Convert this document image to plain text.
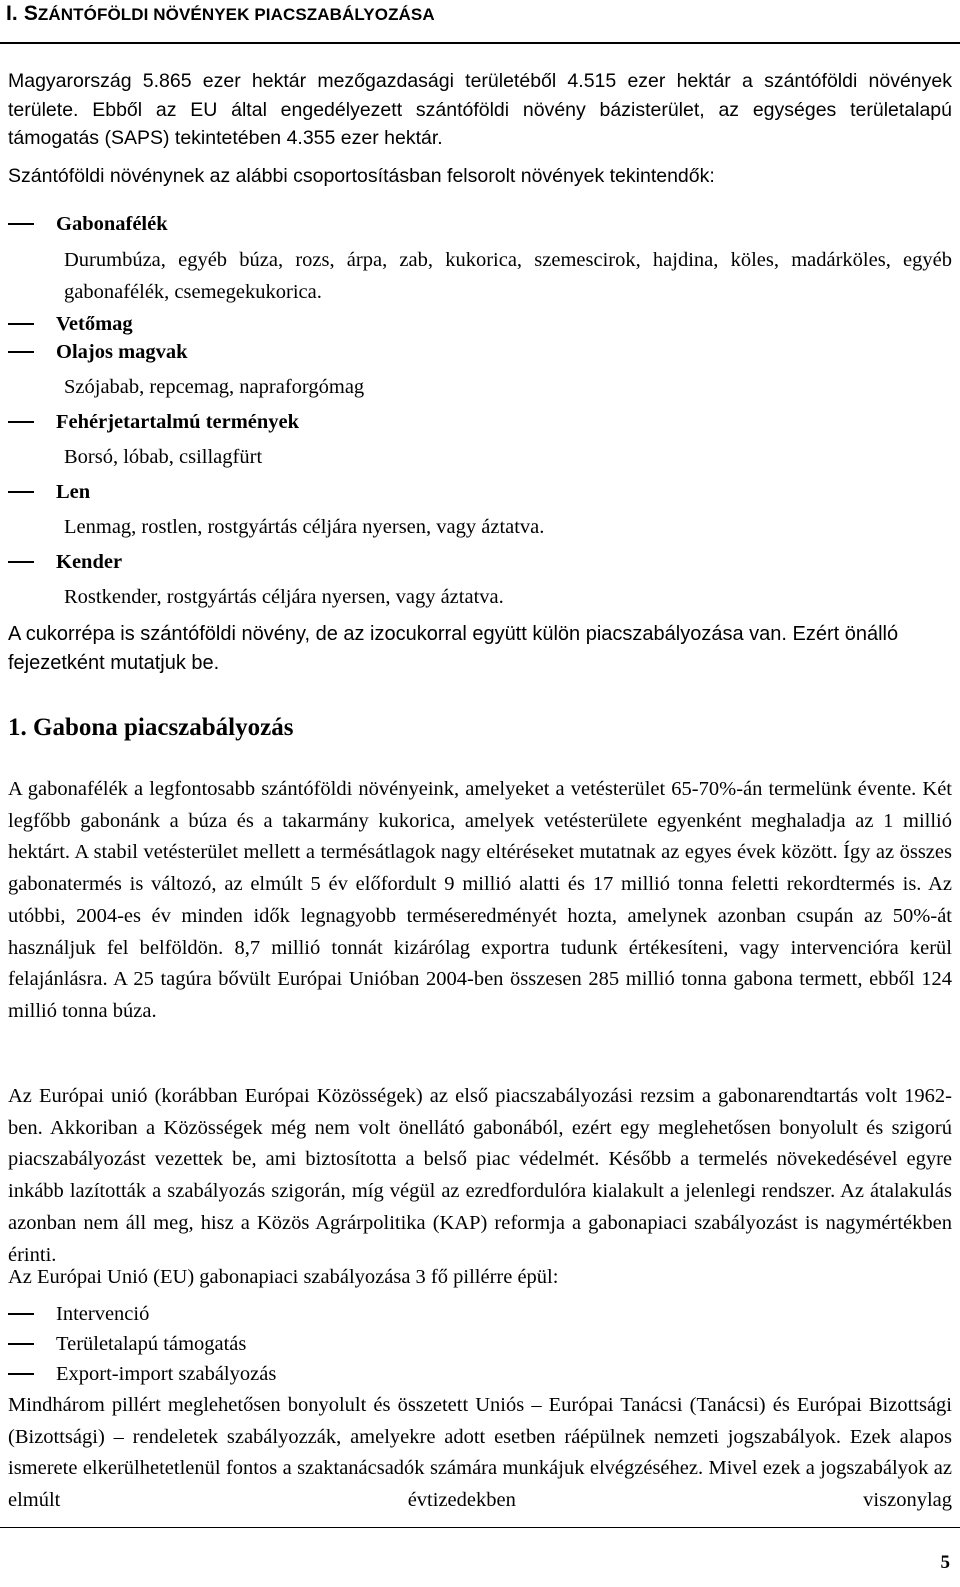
I. SZÁNTÓFÖLDI NÖVÉNYEK PIACSZABÁLYOZÁSA

Magyarország 5.865 ezer hektár mezőgazdasági területéből 4.515 ezer hektár a szántóföldi növények területe. Ebből az EU által engedélyezett szántóföldi növény bázisterület, az egységes területalapú támogatás (SAPS) tekintetében 4.355 ezer hektár.

Szántóföldi növénynek az alábbi csoportosításban felsorolt növények tekintendők:

Gabonafélék
Durumbúza, egyéb búza, rozs, árpa, zab, kukorica, szemescirok, hajdina, köles, madárköles, egyéb gabonafélék, csemegekukorica.
Vetőmag
Olajos magvak
Szójabab, repcemag, napraforgómag
Fehérjetartalmú termények
Borsó, lóbab, csillagfürt
Len
Lenmag, rostlen, rostgyártás céljára nyersen, vagy áztatva.
Kender
Rostkender, rostgyártás céljára nyersen, vagy áztatva.
A cukorrépa is szántóföldi növény, de az izocukorral együtt külön piacszabályozása van. Ezért önálló fejezetként mutatjuk be.
1. Gabona piacszabályozás
A gabonafélék a legfontosabb szántóföldi növényeink, amelyeket a vetésterület 65-70%-án termelünk évente. Két legfőbb gabonánk a búza és a takarmány kukorica, amelyek vetésterülete egyenként meghaladja az 1 millió hektárt. A stabil vetésterület mellett a termésátlagok nagy eltéréseket mutatnak az egyes évek között. Így az összes gabonatermés is változó, az elmúlt 5 év előfordult 9 millió alatti és 17 millió tonna feletti rekordtermés is. Az utóbbi, 2004-es év minden idők legnagyobb terméseredményét hozta, amelynek azonban csupán az 50%-át használjuk fel belföldön. 8,7 millió tonnát kizárólag exportra tudunk értékesíteni, vagy intervencióra kerül felajánlásra. A 25 tagúra bővült Európai Unióban 2004-ben összesen 285 millió tonna gabona termett, ebből 124 millió tonna búza.
Az Európai unió (korábban Európai Közösségek) az első piacszabályozási rezsim a gabonarendtartás volt 1962-ben. Akkoriban a Közösségek még nem volt önellátó gabonából, ezért egy meglehetősen bonyolult és szigorú piacszabályozást vezettek be, ami biztosította a belső piac védelmét. Később a termelés növekedésével egyre inkább lazították a szabályozás szigorán, míg végül az ezredfordulóra kialakult a jelenlegi rendszer. Az átalakulás azonban nem áll meg, hisz a Közös Agrárpolitika (KAP) reformja a gabonapiaci szabályozást is nagymértékben érinti.
Az Európai Unió (EU) gabonapiaci szabályozása 3 fő pillérre épül:
Intervenció
Területalapú támogatás
Export-import szabályozás
Mindhárom pillért meglehetősen bonyolult és összetett Uniós – Európai Tanácsi (Tanácsi) és Európai Bizottsági (Bizottsági) – rendeletek szabályozzák, amelyekre adott esetben ráépülnek nemzeti jogszabályok. Ezek alapos ismerete elkerülhetetlenül fontos a szaktanácsadók számára munkájuk elvégzéséhez. Mivel ezek a jogszabályok az elmúlt évtizedekben viszonylag
5
